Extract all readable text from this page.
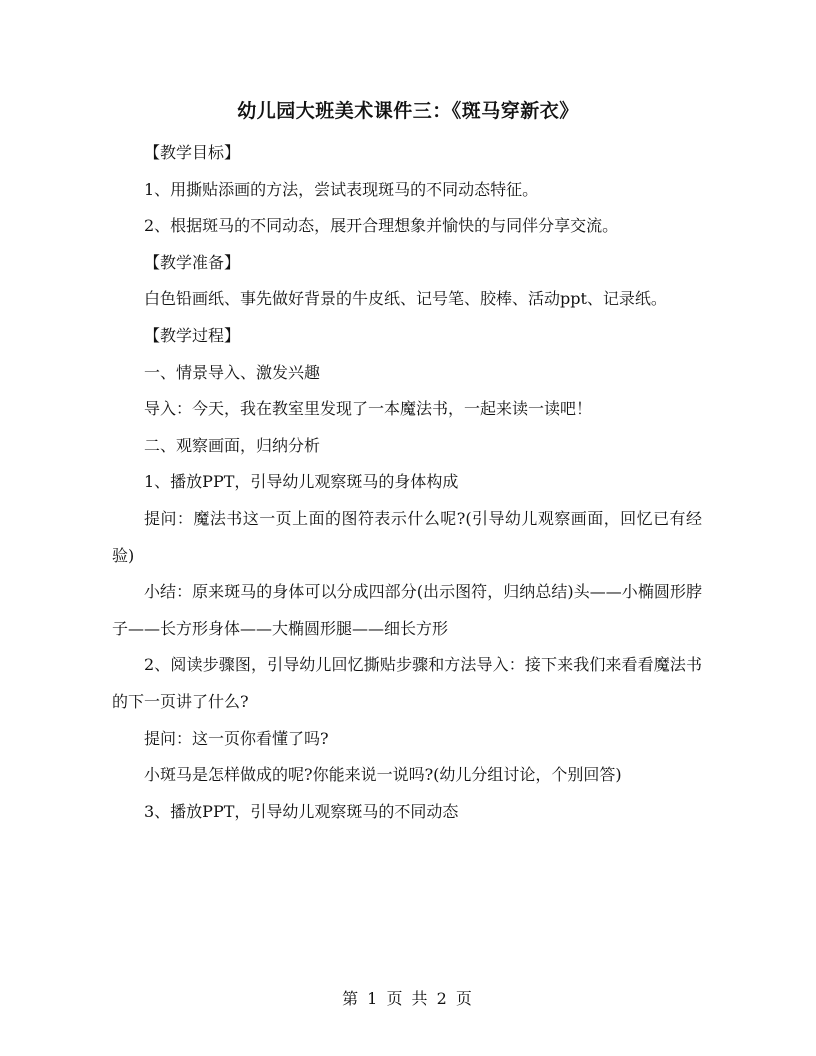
幼儿园大班美术课件三：《斑马穿新衣》

【教学目标】

1、用撕贴添画的方法，尝试表现斑马的不同动态特征。

2、根据斑马的不同动态，展开合理想象并愉快的与同伴分享交流。

【教学准备】

白色铅画纸、事先做好背景的牛皮纸、记号笔、胶棒、活动ppt、记录纸。

【教学过程】

一、情景导入、激发兴趣

导入：今天，我在教室里发现了一本魔法书，一起来读一读吧！

二、观察画面，归纳分析

1、播放PPT，引导幼儿观察斑马的身体构成

提问：魔法书这一页上面的图符表示什么呢?(引导幼儿观察画面，回忆已有经验)

小结：原来斑马的身体可以分成四部分(出示图符，归纳总结)头——小椭圆形脖子——长方形身体——大椭圆形腿——细长方形

2、阅读步骤图，引导幼儿回忆撕贴步骤和方法导入：接下来我们来看看魔法书的下一页讲了什么?

提问：这一页你看懂了吗?

小斑马是怎样做成的呢?你能来说一说吗?(幼儿分组讨论，个别回答)

3、播放PPT，引导幼儿观察斑马的不同动态

第 1 页 共 2 页
